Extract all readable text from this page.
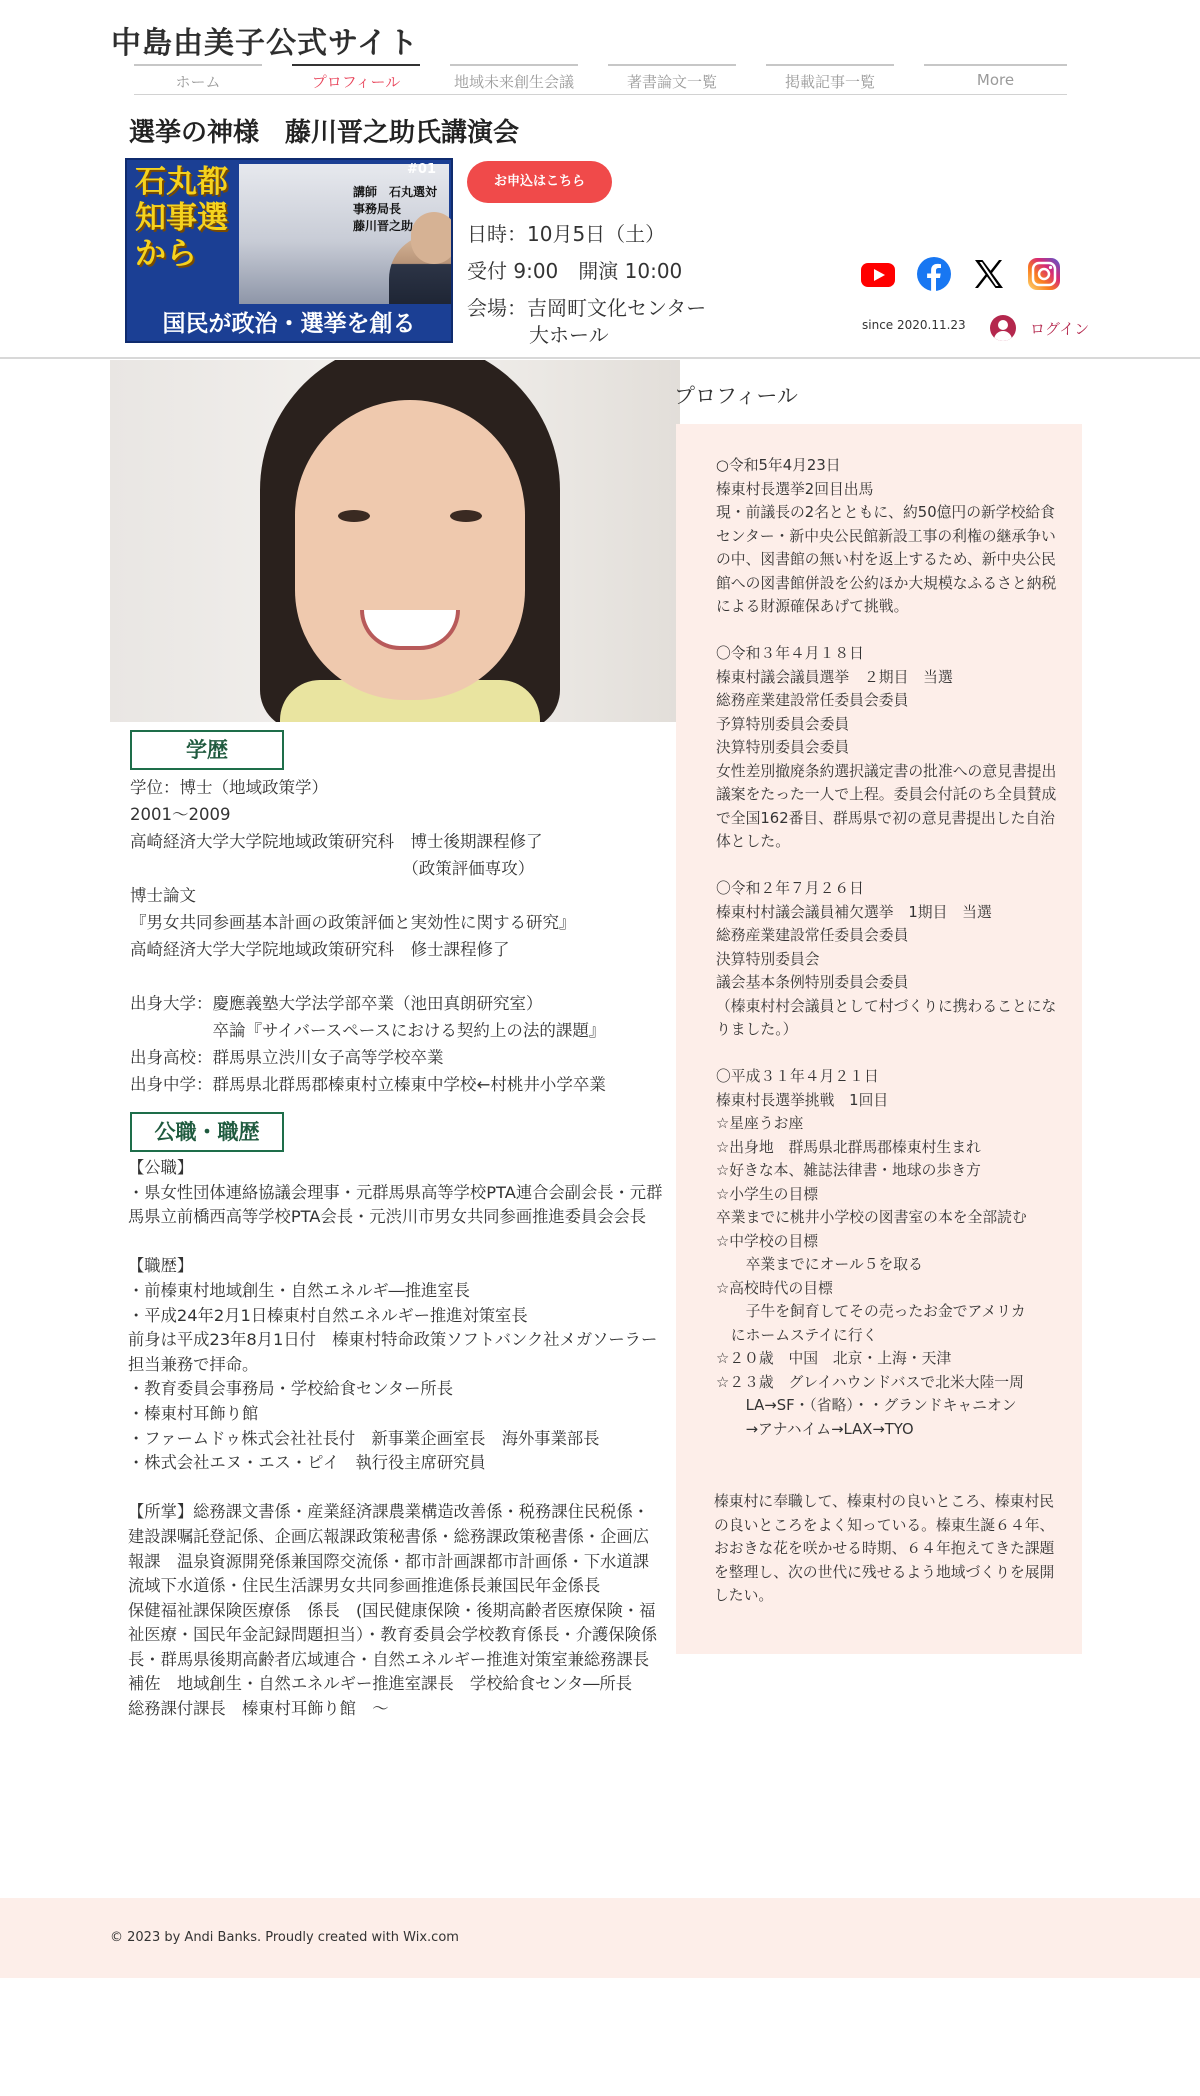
中島由美子公式サイト
ホーム	プロフィール	地域未来創生会議	著書論文一覧	掲載記事一覧	More
選挙の神様　藤川晋之助氏講演会
石丸都知事選から
#01
講師　石丸選対
事務局長
藤川晋之助
国民が政治・選挙を創る
お申込はこちら
日時：10月5日（土）
受付 9:00　開演 10:00
会場：吉岡町文化センター
大ホール	since 2020.11.23	ログイン
学歴
学位：博士（地域政策学）
2001～2009
高崎経済大学大学院地域政策研究科　博士後期課程修了
　　　　　　　　　　　　　　　　　（政策評価専攻）
博士論文
『男女共同参画基本計画の政策評価と実効性に関する研究』
高崎経済大学大学院地域政策研究科　修士課程修了

出身大学：慶應義塾大学法学部卒業（池田真朗研究室）
　　　　　卒論『サイバースペースにおける契約上の法的課題』
出身高校：群馬県立渋川女子高等学校卒業
出身中学：群馬県北群馬郡榛東村立榛東中学校←村桃井小学卒業
公職・職歴
【公職】
・県女性団体連絡協議会理事・元群馬県高等学校PTA連合会副会長・元群馬県立前橋西高等学校PTA会長・元渋川市男女共同参画推進委員会会長

【職歴】
・前榛東村地域創生・自然エネルギ―推進室長
・平成24年2月1日榛東村自然エネルギー推進対策室長
前身は平成23年8月1日付　榛東村特命政策ソフトバンク社メガソーラー担当兼務で拝命。
・教育委員会事務局・学校給食センター所長
・榛東村耳飾り館
・ファームドゥ株式会社社長付　新事業企画室長　海外事業部長
・株式会社エヌ・エス・ピイ　執行役主席研究員

【所掌】総務課文書係・産業経済課農業構造改善係・税務課住民税係・建設課嘱託登記係、企画広報課政策秘書係・総務課政策秘書係・企画広報課　温泉資源開発係兼国際交流係・都市計画課都市計画係・下水道課流域下水道係・住民生活課男女共同参画推進係長兼国民年金係長
保健福祉課保険医療係　係長　(国民健康保険・後期高齢者医療保険・福祉医療・国民年金記録問題担当）・教育委員会学校教育係長・介護保険係長・群馬県後期高齢者広域連合・自然エネルギー推進対策室兼総務課長補佐　地域創生・自然エネルギー推進室課長　学校給食センタ―所長　総務課付課長　榛東村耳飾り館　～
プロフィール
○令和5年4月23日
榛東村長選挙2回目出馬
現・前議長の2名とともに、約50億円の新学校給食センター・新中央公民館新設工事の利権の継承争いの中、図書館の無い村を返上するため、新中央公民館への図書館併設を公約ほか大規模なふるさと納税による財源確保あげて挑戦。

〇令和３年４月１８日
榛東村議会議員選挙　２期目　当選
総務産業建設常任委員会委員
予算特別委員会委員
決算特別委員会委員
女性差別撤廃条約選択議定書の批准への意見書提出議案をたった一人で上程。委員会付託のち全員賛成で全国162番目、群馬県で初の意見書提出した自治体とした。

〇令和２年７月２６日
榛東村村議会議員補欠選挙　1期目　当選
総務産業建設常任委員会委員
決算特別委員会
議会基本条例特別委員会委員
（榛東村村会議員として村づくりに携わることになりました。）

〇平成３１年４月２１日
榛東村長選挙挑戦　1回目
☆星座うお座
☆出身地　群馬県北群馬郡榛東村生まれ
☆好きな本、雑誌法律書・地球の歩き方
☆小学生の目標
卒業までに桃井小学校の図書室の本を全部読む
☆中学校の目標
　　卒業までにオール５を取る
☆高校時代の目標
　　子牛を飼育してその売ったお金でアメリカ
　にホームステイに行く
☆２０歳　中国　北京・上海・天津
☆２３歳　グレイハウンドバスで北米大陸一周
　　LA→SF・（省略）・・グランドキャニオン
　　→アナハイム→LAX→TYO
榛東村に奉職して、榛東村の良いところ、榛東村民の良いところをよく知っている。榛東生誕６４年、おおきな花を咲かせる時期、６４年抱えてきた課題を整理し、次の世代に残せるよう地域づくりを展開したい。
© 2023 by Andi Banks. Proudly created with Wix.com
